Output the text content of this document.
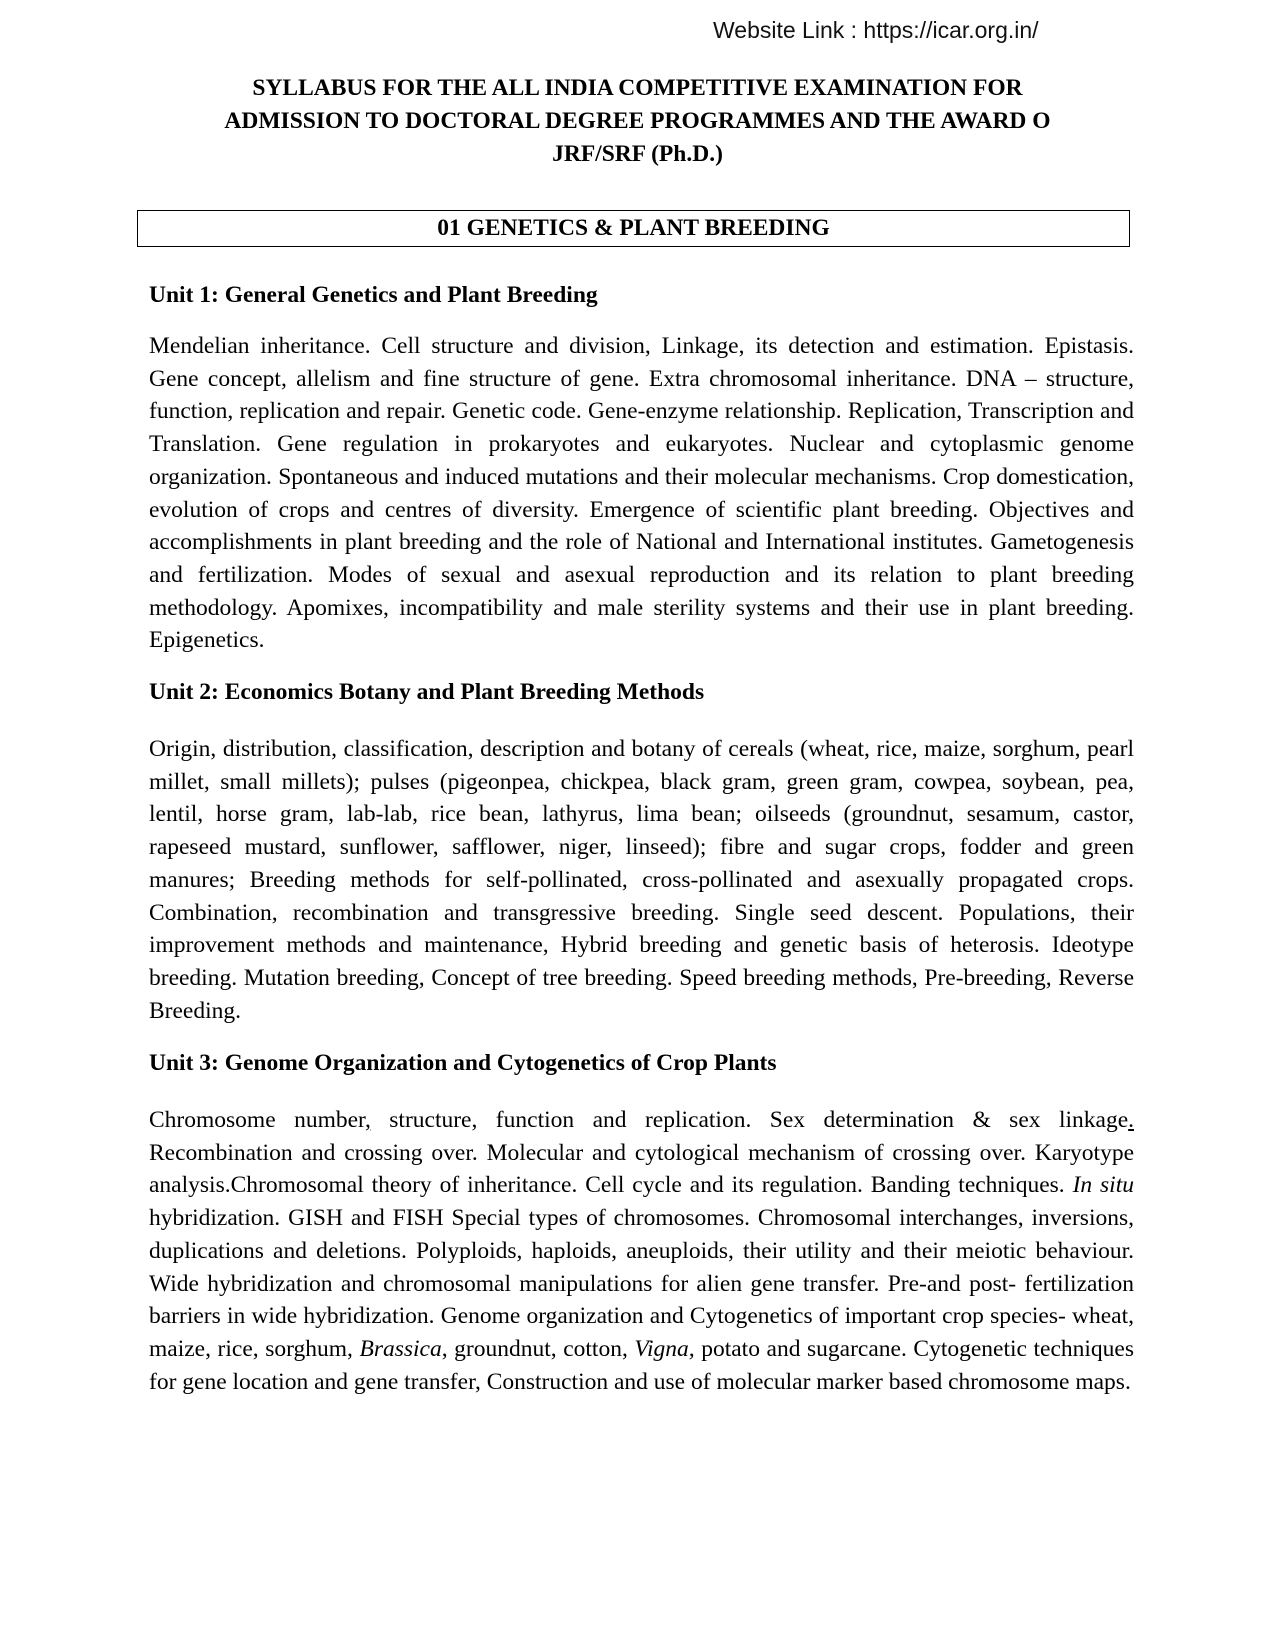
Website Link : https://icar.org.in/
SYLLABUS FOR THE ALL INDIA COMPETITIVE EXAMINATION FOR
ADMISSION TO DOCTORAL DEGREE PROGRAMMES AND THE AWARD O
JRF/SRF (Ph.D.)
01 GENETICS & PLANT BREEDING
Unit 1: General Genetics and Plant Breeding
Mendelian inheritance. Cell structure and division, Linkage, its detection and estimation. Epistasis. Gene concept, allelism and fine structure of gene. Extra chromosomal inheritance. DNA – structure, function, replication and repair. Genetic code. Gene-enzyme relationship. Replication, Transcription and Translation. Gene regulation in prokaryotes and eukaryotes. Nuclear and cytoplasmic genome organization. Spontaneous and induced mutations and their molecular mechanisms. Crop domestication, evolution of crops and centres of diversity. Emergence of scientific plant breeding. Objectives and accomplishments in plant breeding and the role of National and International institutes. Gametogenesis and fertilization. Modes of sexual and asexual reproduction and its relation to plant breeding methodology. Apomixes, incompatibility and male sterility systems and their use in plant breeding. Epigenetics.
Unit 2: Economics Botany and Plant Breeding Methods
Origin, distribution, classification, description and botany of cereals (wheat, rice, maize, sorghum, pearl millet, small millets); pulses (pigeonpea, chickpea, black gram, green gram, cowpea, soybean, pea, lentil, horse gram, lab-lab, rice bean, lathyrus, lima bean; oilseeds (groundnut, sesamum, castor, rapeseed mustard, sunflower, safflower, niger, linseed); fibre and sugar crops, fodder and green manures; Breeding methods for self-pollinated, cross-pollinated and asexually propagated crops. Combination, recombination and transgressive breeding. Single seed descent. Populations, their improvement methods and maintenance, Hybrid breeding and genetic basis of heterosis. Ideotype breeding. Mutation breeding, Concept of tree breeding. Speed breeding methods, Pre-breeding, Reverse Breeding.
Unit 3: Genome Organization and Cytogenetics of Crop Plants
Chromosome number, structure, function and replication. Sex determination & sex linkage. Recombination and crossing over. Molecular and cytological mechanism of crossing over. Karyotype analysis.Chromosomal theory of inheritance. Cell cycle and its regulation. Banding techniques. In situ hybridization. GISH and FISH Special types of chromosomes. Chromosomal interchanges, inversions, duplications and deletions. Polyploids, haploids, aneuploids, their utility and their meiotic behaviour. Wide hybridization and chromosomal manipulations for alien gene transfer. Pre-and post- fertilization barriers in wide hybridization. Genome organization and Cytogenetics of important crop species- wheat, maize, rice, sorghum, Brassica, groundnut, cotton, Vigna, potato and sugarcane. Cytogenetic techniques for gene location and gene transfer, Construction and use of molecular marker based chromosome maps.
